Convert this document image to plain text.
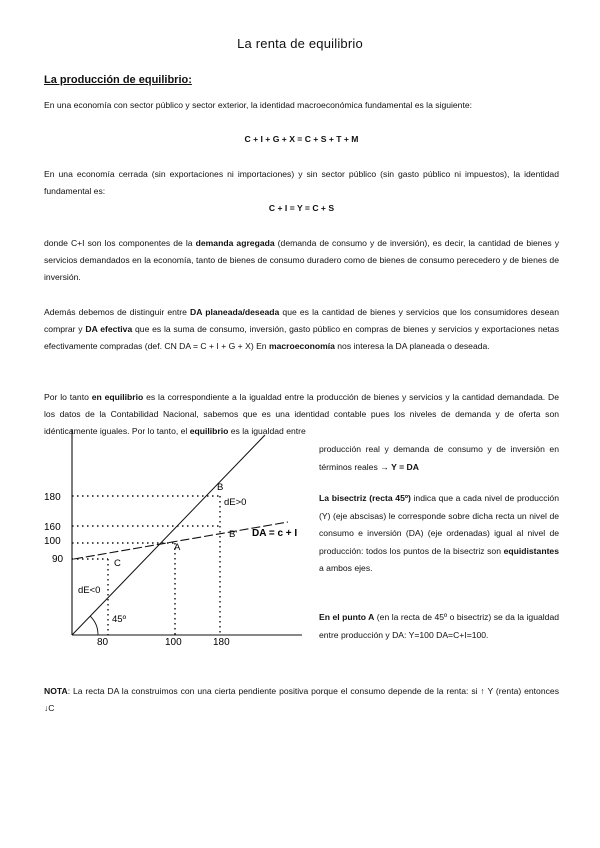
La renta de equilibrio
La producción de equilibrio:
En una economía con sector público y sector exterior, la identidad macroeconómica fundamental es la siguiente:
C + I + G + X = C + S + T + M
En una economía cerrada (sin exportaciones ni importaciones) y sin sector público (sin gasto público ni impuestos), la identidad fundamental es:
C + I = Y = C + S
donde C+I son los componentes de la demanda agregada (demanda de consumo y de inversión), es decir, la cantidad de bienes y servicios demandados en la economía, tanto de bienes de consumo duradero como de bienes de consumo perecedero y de bienes de inversión.
Además debemos de distinguir entre DA planeada/deseada que es la cantidad de bienes y servicios que los consumidores desean comprar y DA efectiva que es la suma de consumo, inversión, gasto público en compras de bienes y servicios y exportaciones netas efectivamente compradas (def. CN DA = C + I + G + X) En macroeconomía nos interesa la DA planeada o deseada.
Por lo tanto en equilibrio es la correspondiente a la igualdad entre la producción de bienes y servicios y la cantidad demandada. De los datos de la Contabilidad Nacional, sabemos que es una identidad contable pues los niveles de demanda y de oferta son idénticamente iguales. Por lo tanto, el equilibrio es la igualdad entre
producción real y demanda de consumo y de inversión en términos reales → Y = DA
La bisectriz (recta 45º) indica que a cada nivel de producción (Y) (eje abscisas) le corresponde sobre dicha recta un nivel de consumo e inversión (DA) (eje ordenadas) igual al nivel de producción: todos los puntos de la bisectriz son equidistantes a ambos ejes.
En el punto A (en la recta de 45º o bisectriz) se da la igualdad entre producción y DA: Y=100 DA=C+I=100.
NOTA: La recta DA la construimos con una cierta pendiente positiva porque el consumo depende de la renta: si ↑ Y (renta) entonces ↓C
180
160
100
90
80	100	180
B
B'
A
C
dE>0
dE<0
45º
DA = c + I
